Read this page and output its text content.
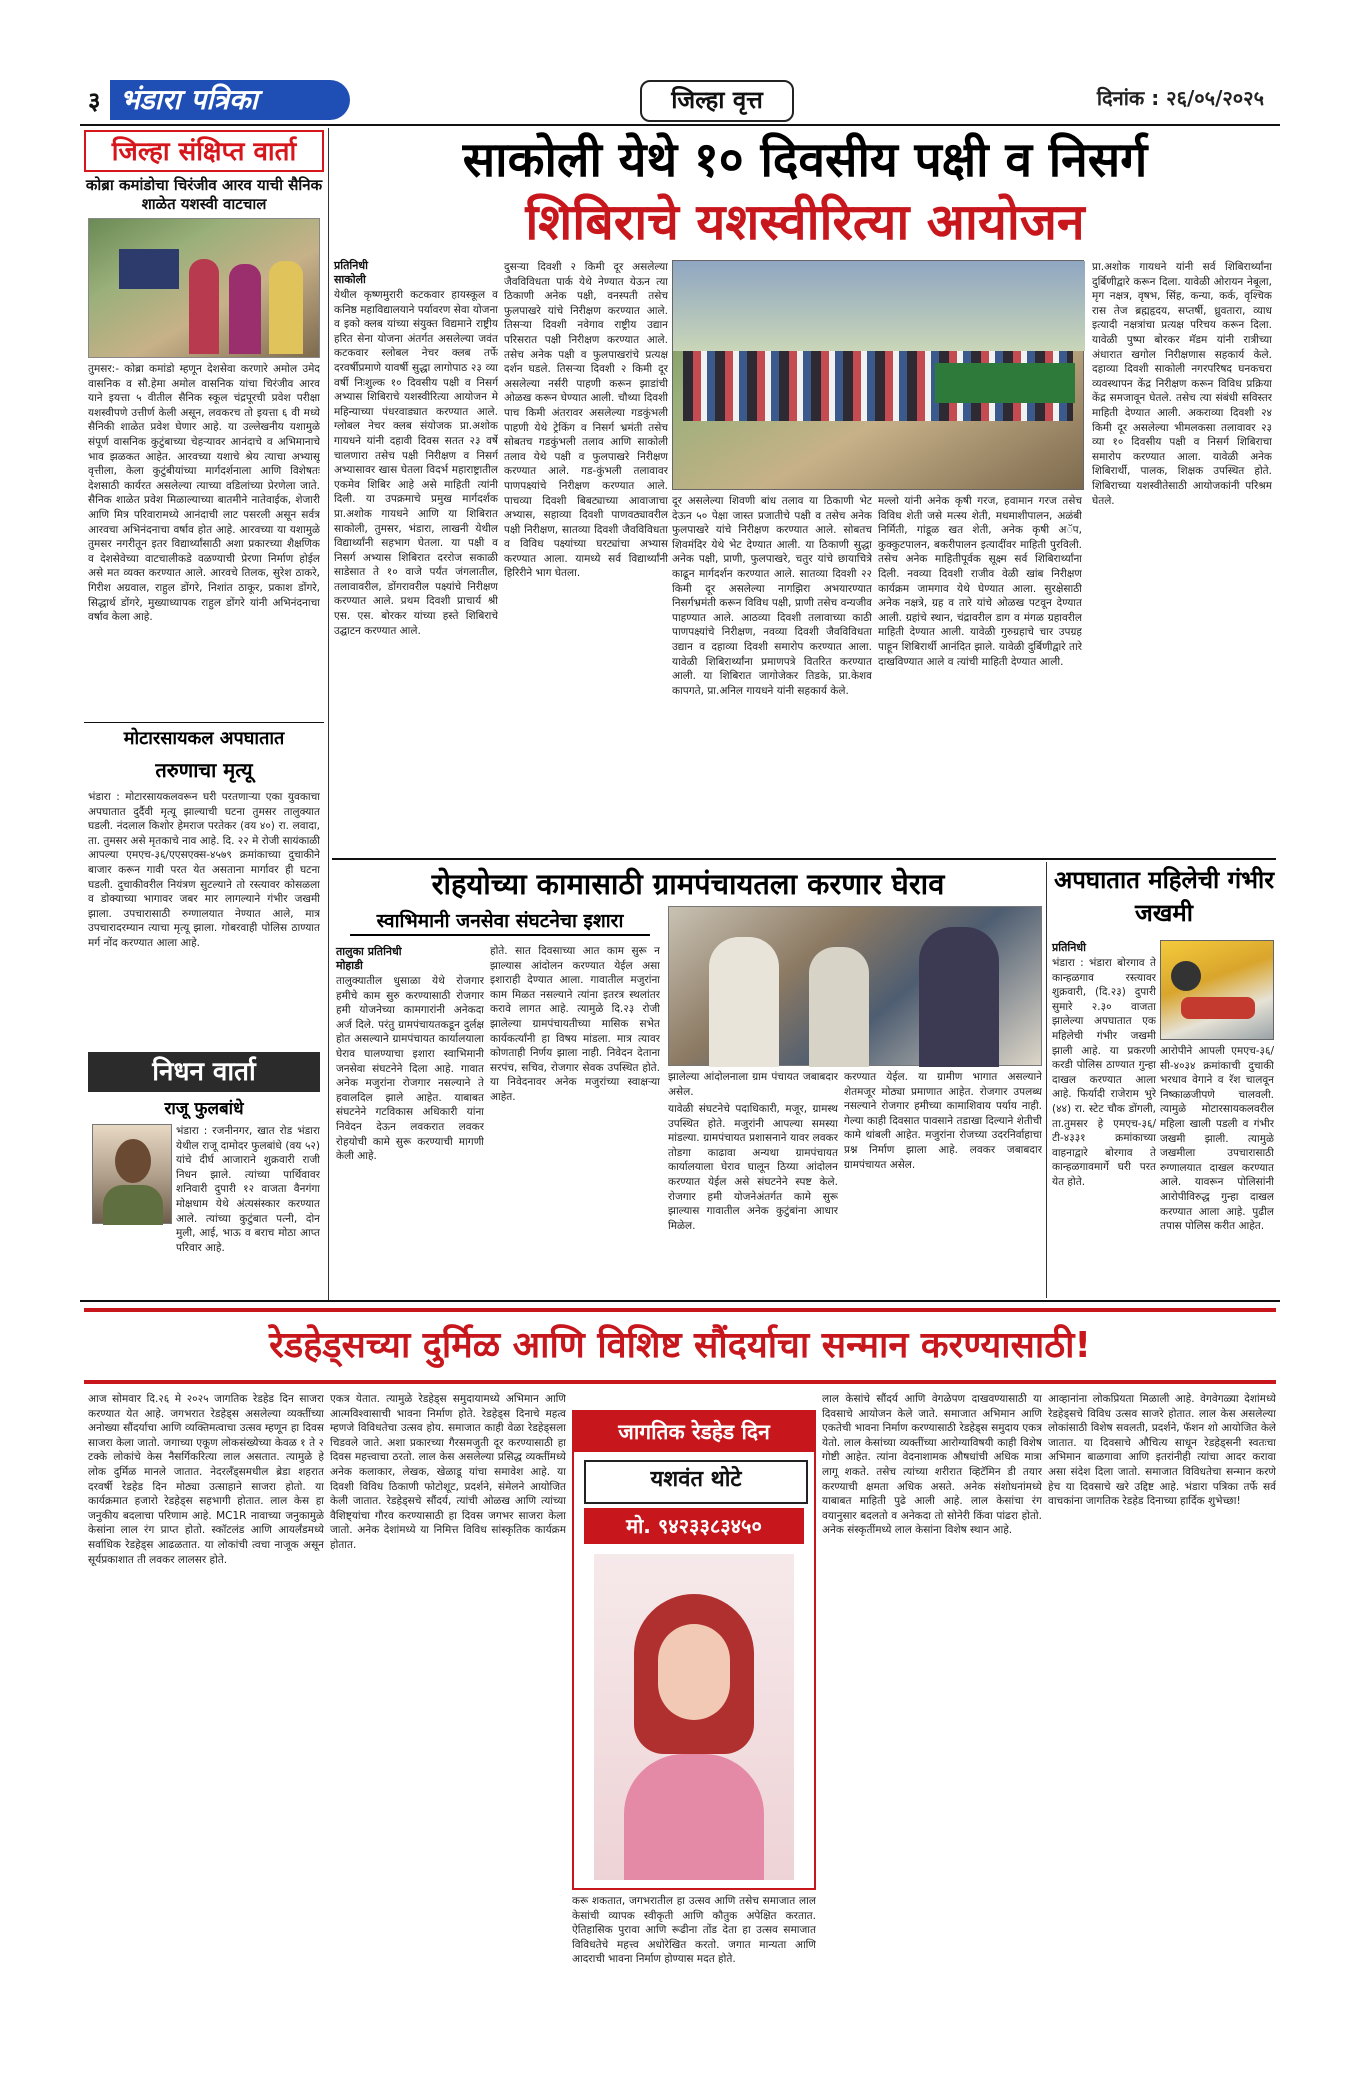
३ भंडारा पत्रिका	जिल्हा वृत्त	दिनांक : २६/०५/२०२५
जिल्हा संक्षिप्त वार्ता
कोब्रा कमांडोचा चिरंजीव आरव याची सैनिक शाळेत यशस्वी वाटचाल
तुमसर:- कोब्रा कमांडो म्हणून देशसेवा करणारे अमोल उमेद वासनिक व सौ.हेमा अमोल वासनिक यांचा चिरंजीव आरव याने इयत्ता ५ वीतील सैनिक स्कूल चंद्रपूरची प्रवेश परीक्षा यशस्वीपणे उत्तीर्ण केली असून, लवकरच तो इयत्ता ६ वी मध्ये सैनिकी शाळेत प्रवेश घेणार आहे. या उल्लेखनीय यशामुळे संपूर्ण वासनिक कुटुंबाच्या चेहऱ्यावर आनंदाचे व अभिमानाचे भाव झळकत आहेत. आरवच्या यशाचे श्रेय त्याचा अभ्यासू वृत्तीला, केला कुटुंबीयांच्या मार्गदर्शनाला आणि विशेषतः देशसाठी कार्यरत असलेल्या त्याच्या वडिलांच्या प्रेरणेला जाते. सैनिक शाळेत प्रवेश मिळाल्याच्या बातमीने नातेवाईक, शेजारी आणि मित्र परिवारामध्ये आनंदाची लाट पसरली असून सर्वत्र आरवचा अभिनंदनाचा वर्षाव होत आहे. आरवच्या या यशामुळे तुमसर नगरीतून इतर विद्यार्थ्यांसाठी अशा प्रकारच्या शैक्षणिक व देशसेवेच्या वाटचालीकडे वळण्याची प्रेरणा निर्माण होईल असे मत व्यक्त करण्यात आले. आरवचे तिलक, सुरेश ठाकरे, गिरीश अग्रवाल, राहुल डोंगरे, निशांत ठाकूर, प्रकाश डोंगरे, सिद्धार्थ डोंगरे, मुख्याध्यापक राहुल डोंगरे यांनी अभिनंदनाचा वर्षाव केला आहे.
मोटारसायकल अपघातात
तरुणाचा मृत्यू
भंडारा : मोटारसायकलवरून घरी परतणाऱ्या एका युवकाचा अपघातात दुर्दैवी मृत्यू झाल्याची घटना तुमसर तालुक्यात घडली. नंदलाल किशोर हेमराज परतेकर (वय ४०) रा. लवादा, ता. तुमसर असे मृतकाचे नाव आहे. दि. २२ मे रोजी सायंकाळी आपल्या एमएच-३६/एएसएक्स-४५७९ क्रमांकाच्या दुचाकीने बाजार करून गावी परत येत असताना मार्गावर ही घटना घडली. दुचाकीवरील नियंत्रण सुटल्याने तो रस्त्यावर कोसळला व डोक्याच्या भागावर जबर मार लागल्याने गंभीर जखमी झाला. उपचारासाठी रुग्णालयात नेण्यात आले, मात्र उपचारादरम्यान त्याचा मृत्यू झाला. गोबरवाही पोलिस ठाण्यात मर्ग नोंद करण्यात आला आहे.
निधन वार्ता
राजू फुलबांधे
भंडारा : रजनीनगर, खात रोड भंडारा येथील राजू दामोदर फुलबांधे (वय ५२) यांचे दीर्घ आजाराने शुक्रवारी राजी निधन झाले. त्यांच्या पार्थिवावर शनिवारी दुपारी १२ वाजता वैनगंगा मोक्षधाम येथे अंत्यसंस्कार करण्यात आले. त्यांच्या कुटुंबात पत्नी, दोन मुली, आई, भाऊ व बराच मोठा आप्त परिवार आहे.
साकोली येथे १० दिवसीय पक्षी व निसर्ग
शिबिराचे यशस्वीरित्या आयोजन
प्रतिनिधी
साकोली
येथील कृष्णमुरारी कटकवार हायस्कूल व कनिष्ठ महाविद्यालयाने पर्यावरण सेवा योजना व इको क्लब यांच्या संयुक्त विद्यमाने राष्ट्रीय हरित सेना योजना अंतर्गत असलेल्या जवंत कटकवार स्लोबल नेचर क्लब तर्फे दरवर्षीप्रमाणे यावर्षी सुद्धा लागोपाठ २३ व्या वर्षी निःशुल्क १० दिवसीय पक्षी व निसर्ग अभ्यास शिबिराचे यशस्वीरित्या आयोजन मे महिन्याच्या पंधरवाड्यात करण्यात आले. ग्लोबल नेचर क्लब संयोजक प्रा.अशोक गायधने यांनी दहावी दिवस सतत २३ वर्षे चालणारा तसेच पक्षी निरीक्षण व निसर्ग अभ्यासावर खास घेतला विदर्भ महाराष्ट्रातील एकमेव शिबिर आहे असे माहिती त्यांनी दिली. या उपक्रमाचे प्रमुख मार्गदर्शक प्रा.अशोक गायधने आणि या शिबिरात साकोली, तुमसर, भंडारा, लाखनी येथील विद्यार्थ्यांनी सहभाग घेतला. या पक्षी व निसर्ग अभ्यास शिबिरात दररोज सकाळी साडेसात ते १० वाजे पर्यंत जंगलातील, तलावावरील, डोंगरावरील पक्ष्यांचे निरीक्षण करण्यात आले. प्रथम दिवशी प्राचार्य श्री एस. एस. बोरकर यांच्या हस्ते शिबिराचे उद्घाटन करण्यात आले.
दुसऱ्या दिवशी २ किमी दूर असलेल्या जैवविविधता पार्क येथे नेण्यात येऊन त्या ठिकाणी अनेक पक्षी, वनस्पती तसेच फुलपाखरे यांचे निरीक्षण करण्यात आले. तिसऱ्या दिवशी नवेगाव राष्ट्रीय उद्यान परिसरात पक्षी निरीक्षण करण्यात आले. तसेच अनेक पक्षी व फुलपाखरांचे प्रत्यक्ष दर्शन घडले. तिसऱ्या दिवशी २ किमी दूर असलेल्या नर्सरी पाहणी करून झाडांची ओळख करून घेण्यात आली. चौथ्या दिवशी पाच किमी अंतरावर असलेल्या गडकुंभली पाहणी येथे ट्रेकिंग व निसर्ग भ्रमंती तसेच सोबतच गडकुंभली तलाव आणि साकोली तलाव येथे पक्षी व फुलपाखरे निरीक्षण करण्यात आले. गड-कुंभली तलावावर पाणपक्ष्यांचे निरीक्षण करण्यात आले. पाचव्या दिवशी बिबट्याच्या आवाजाचा अभ्यास, सहाव्या दिवशी पाणवठ्यावरील पक्षी निरीक्षण, सातव्या दिवशी जैवविविधता व विविध पक्ष्यांच्या घरट्यांचा अभ्यास करण्यात आला. यामध्ये सर्व विद्यार्थ्यांनी हिरिरीने भाग घेतला.
दूर असलेल्या शिवणी बांध तलाव या ठिकाणी भेट देऊन ५० पेक्षा जास्त प्रजातीचे पक्षी व तसेच अनेक फुलपाखरे यांचे निरीक्षण करण्यात आले. सोबतच शिवमंदिर येथे भेट देण्यात आली. या ठिकाणी सुद्धा अनेक पक्षी, प्राणी, फुलपाखरे, चतुर यांचे छायाचित्रे काढून मार्गदर्शन करण्यात आले. सातव्या दिवशी २२ किमी दूर असलेल्या नागझिरा अभयारण्यात निसर्गभ्रमंती करून विविध पक्षी, प्राणी तसेच वन्यजीव पाहण्यात आले. आठव्या दिवशी तलावाच्या काठी पाणपक्ष्यांचे निरीक्षण, नवव्या दिवशी जैवविविधता उद्यान व दहाव्या दिवशी समारोप करण्यात आला. यावेळी शिबिरार्थ्यांना प्रमाणपत्रे वितरित करण्यात आली. या शिबिरात जागोजेकर तिडके, प्रा.केशव कापगते, प्रा.अनिल गायधने यांनी सहकार्य केले.
मल्लो यांनी अनेक कृषी गरज, हवामान गरज तसेच विविध शेती जसे मत्स्य शेती, मधमाशीपालन, अळंबी निर्मिती, गांडूळ खत शेती, अनेक कृषी अॅप, कुक्कुटपालन, बकरीपालन इत्यादींवर माहिती पुरविली. तसेच अनेक माहितीपूर्वक सूक्ष्म सर्व शिबिरार्थ्यांना दिली. नवव्या दिवशी राजीव वेळी खांब निरीक्षण कार्यक्रम जामगाव येथे घेण्यात आला. सुरक्षेसाठी अनेक नक्षत्रे, ग्रह व तारे यांचे ओळख पटवून देण्यात आली. ग्रहांचे स्थान, चंद्रावरील डाग व मंगळ ग्रहावरील माहिती देण्यात आली. यावेळी गुरुग्रहाचे चार उपग्रह पाहून शिबिरार्थी आनंदित झाले. यावेळी दुर्बिणीद्वारे तारे दाखविण्यात आले व त्यांची माहिती देण्यात आली.
प्रा.अशोक गायधने यांनी सर्व शिबिरार्थ्यांना दुर्बिणीद्वारे करून दिला. यावेळी ओरायन नेबूला, मृग नक्षत्र, वृषभ, सिंह, कन्या, कर्क, वृश्चिक रास तेज ब्रह्महृदय, सप्तर्षी, ध्रुवतारा, व्याध इत्यादी नक्षत्रांचा प्रत्यक्ष परिचय करून दिला. यावेळी पुष्पा बोरकर मॅडम यांनी रात्रीच्या अंधारात खगोल निरीक्षणास सहकार्य केले. दहाव्या दिवशी साकोली नगरपरिषद घनकचरा व्यवस्थापन केंद्र निरीक्षण करून विविध प्रक्रिया केंद्र समजावून घेतले. तसेच त्या संबंधी सविस्तर माहिती देण्यात आली. अकराव्या दिवशी २४ किमी दूर असलेल्या भीमलकसा तलावावर २३ व्या १० दिवसीय पक्षी व निसर्ग शिबिराचा समारोप करण्यात आला. यावेळी अनेक शिबिरार्थी, पालक, शिक्षक उपस्थित होते. शिबिराच्या यशस्वीतेसाठी आयोजकांनी परिश्रम घेतले.
रोहयोच्या कामासाठी ग्रामपंचायतला करणार घेराव
स्वाभिमानी जनसेवा संघटनेचा इशारा
तालुका प्रतिनिधी
मोहाडी
तालुक्यातील धुसाळा येथे रोजगार हमीचे काम सुरु करण्यासाठी रोजगार हमी योजनेच्या कामगारांनी अनेकदा अर्ज दिले. परंतु ग्रामपंचायतकडून दुर्लक्ष होत असल्याने ग्रामपंचायत कार्यालयाला घेराव घालण्याचा इशारा स्वाभिमानी जनसेवा संघटनेने दिला आहे. गावात अनेक मजुरांना रोजगार नसल्याने ते हवालदिल झाले आहेत. याबाबत संघटनेने गटविकास अधिकारी यांना निवेदन देऊन लवकरात लवकर रोहयोची कामे सुरू करण्याची मागणी केली आहे.
होते. सात दिवसाच्या आत काम सुरू न झाल्यास आंदोलन करण्यात येईल असा इशाराही देण्यात आला. गावातील मजुरांना काम मिळत नसल्याने त्यांना इतरत्र स्थलांतर करावे लागत आहे. त्यामुळे दि.२३ रोजी झालेल्या ग्रामपंचायतीच्या मासिक सभेत कार्यकर्त्यांनी हा विषय मांडला. मात्र त्यावर कोणताही निर्णय झाला नाही. निवेदन देताना सरपंच, सचिव, रोजगार सेवक उपस्थित होते. या निवेदनावर अनेक मजुरांच्या स्वाक्षऱ्या आहेत.
झालेल्या आंदोलनाला ग्राम पंचायत जबाबदार असेल.
यावेळी संघटनेचे पदाधिकारी, मजूर, ग्रामस्थ उपस्थित होते. मजुरांनी आपल्या समस्या मांडल्या. ग्रामपंचायत प्रशासनाने यावर लवकर तोडगा काढावा अन्यथा ग्रामपंचायत कार्यालयाला घेराव घालून ठिय्या आंदोलन करण्यात येईल असे संघटनेने स्पष्ट केले. रोजगार हमी योजनेअंतर्गत कामे सुरू झाल्यास गावातील अनेक कुटुंबांना आधार मिळेल.
करण्यात येईल. या ग्रामीण भागात असल्याने शेतमजूर मोठ्या प्रमाणात आहेत. रोजगार उपलब्ध नसल्याने रोजगार हमीच्या कामाशिवाय पर्याय नाही. गेल्या काही दिवसात पावसाने तडाखा दिल्याने शेतीची कामे थांबली आहेत. मजुरांना रोजच्या उदरनिर्वाहाचा प्रश्न निर्माण झाला आहे. लवकर जबाबदार ग्रामपंचायत असेल.
अपघातात महिलेची गंभीर जखमी
प्रतिनिधी
भंडारा : भंडारा बोरगाव ते कान्हळगाव रस्त्यावर शुक्रवारी, (दि.२३) दुपारी सुमारे २.३० वाजता झालेल्या अपघातात एक महिलेची गंभीर जखमी झाली आहे. या प्रकरणी करडी पोलिस ठाण्यात गुन्हा दाखल करण्यात आला आहे. फिर्यादी राजेराम भुरे (४४) रा. स्टेट चौक डोंगली, ता.तुमसर हे एमएच-३६/टी-४३३१ क्रमांकाच्या वाहनाद्वारे बोरगाव ते कान्हळगावमार्गे घरी परत येत होते.
आरोपीने आपली एमएच-३६/सी-४०३४ क्रमांकाची दुचाकी भरधाव वेगाने व रॅश चालवून निष्काळजीपणे चालवली. त्यामुळे मोटारसायकलवरील महिला खाली पडली व गंभीर जखमी झाली. त्यामुळे जखमीला उपचारासाठी रुग्णालयात दाखल करण्यात आले. यावरून पोलिसांनी आरोपीविरुद्ध गुन्हा दाखल करण्यात आला आहे. पुढील तपास पोलिस करीत आहेत.
रेडहेड्सच्या दुर्मिळ आणि विशिष्ट सौंदर्याचा सन्मान करण्यासाठी!
आज सोमवार दि.२६ मे २०२५ जागतिक रेडहेड दिन साजरा करण्यात येत आहे. जगभरात रेडहेड्स असलेल्या व्यक्तींच्या अनोख्या सौंदर्याचा आणि व्यक्तिमत्वाचा उत्सव म्हणून हा दिवस साजरा केला जातो. जगाच्या एकूण लोकसंख्येच्या केवळ १ ते २ टक्के लोकांचे केस नैसर्गिकरित्या लाल असतात. त्यामुळे हे लोक दुर्मिळ मानले जातात. नेदरलँड्समधील ब्रेडा शहरात दरवर्षी रेडहेड दिन मोठ्या उत्साहाने साजरा होतो. या कार्यक्रमात हजारो रेडहेड्स सहभागी होतात. लाल केस हा जनुकीय बदलाचा परिणाम आहे. MC1R नावाच्या जनुकामुळे केसांना लाल रंग प्राप्त होतो. स्कॉटलंड आणि आयर्लंडमध्ये सर्वाधिक रेडहेड्स आढळतात. या लोकांची त्वचा नाजूक असून सूर्यप्रकाशात ती लवकर लालसर होते.
एकत्र येतात. त्यामुळे रेडहेड्स समुदायामध्ये अभिमान आणि आत्मविश्वासाची भावना निर्माण होते. रेडहेड्स दिनाचे महत्व म्हणजे विविधतेचा उत्सव होय. समाजात काही वेळा रेडहेड्सला चिडवले जाते. अशा प्रकारच्या गैरसमजुती दूर करण्यासाठी हा दिवस महत्त्वाचा ठरतो. लाल केस असलेल्या प्रसिद्ध व्यक्तींमध्ये अनेक कलाकार, लेखक, खेळाडू यांचा समावेश आहे. या दिवशी विविध ठिकाणी फोटोशूट, प्रदर्शने, संमेलने आयोजित केली जातात. रेडहेड्सचे सौंदर्य, त्यांची ओळख आणि त्यांच्या वैशिष्ट्यांचा गौरव करण्यासाठी हा दिवस जगभर साजरा केला जातो. अनेक देशांमध्ये या निमित्त विविध सांस्कृतिक कार्यक्रम होतात.
जागतिक रेडहेड दिन
यशवंत थोटे
मो. ९४२३३८३४५०
करू शकतात, जगभरातील हा उत्सव आणि तसेच समाजात लाल केसांची व्यापक स्वीकृती आणि कौतुक अपेक्षित करतात. ऐतिहासिक पुरावा आणि रूढीना तोंड देता हा उत्सव समाजात विविधतेचे महत्त्व अधोरेखित करतो. जगात मान्यता आणि आदराची भावना निर्माण होण्यास मदत होते.
लाल केसांचे सौंदर्य आणि वेगळेपण दाखवण्यासाठी या दिवसाचे आयोजन केले जाते. समाजात अभिमान आणि एकतेची भावना निर्माण करण्यासाठी रेडहेड्स समुदाय एकत्र येतो. लाल केसांच्या व्यक्तींच्या आरोग्याविषयी काही विशेष गोष्टी आहेत. त्यांना वेदनाशामक औषधांची अधिक मात्रा लागू शकते. तसेच त्यांच्या शरीरात व्हिटॅमिन डी तयार करण्याची क्षमता अधिक असते. अनेक संशोधनांमध्ये याबाबत माहिती पुढे आली आहे. लाल केसांचा रंग वयानुसार बदलतो व अनेकदा तो सोनेरी किंवा पांढरा होतो. अनेक संस्कृतींमध्ये लाल केसांना विशेष स्थान आहे.
आव्हानांना लोकप्रियता मिळाली आहे. वेगवेगळ्या देशांमध्ये रेडहेड्सचे विविध उत्सव साजरे होतात. लाल केस असलेल्या लोकांसाठी विशेष सवलती, प्रदर्शने, फॅशन शो आयोजित केले जातात. या दिवसाचे औचित्य साधून रेडहेड्सनी स्वतःचा अभिमान बाळगावा आणि इतरांनीही त्यांचा आदर करावा असा संदेश दिला जातो. समाजात विविधतेचा सन्मान करणे हेच या दिवसाचे खरे उद्दिष्ट आहे. भंडारा पत्रिका तर्फे सर्व वाचकांना जागतिक रेडहेड दिनाच्या हार्दिक शुभेच्छा!
